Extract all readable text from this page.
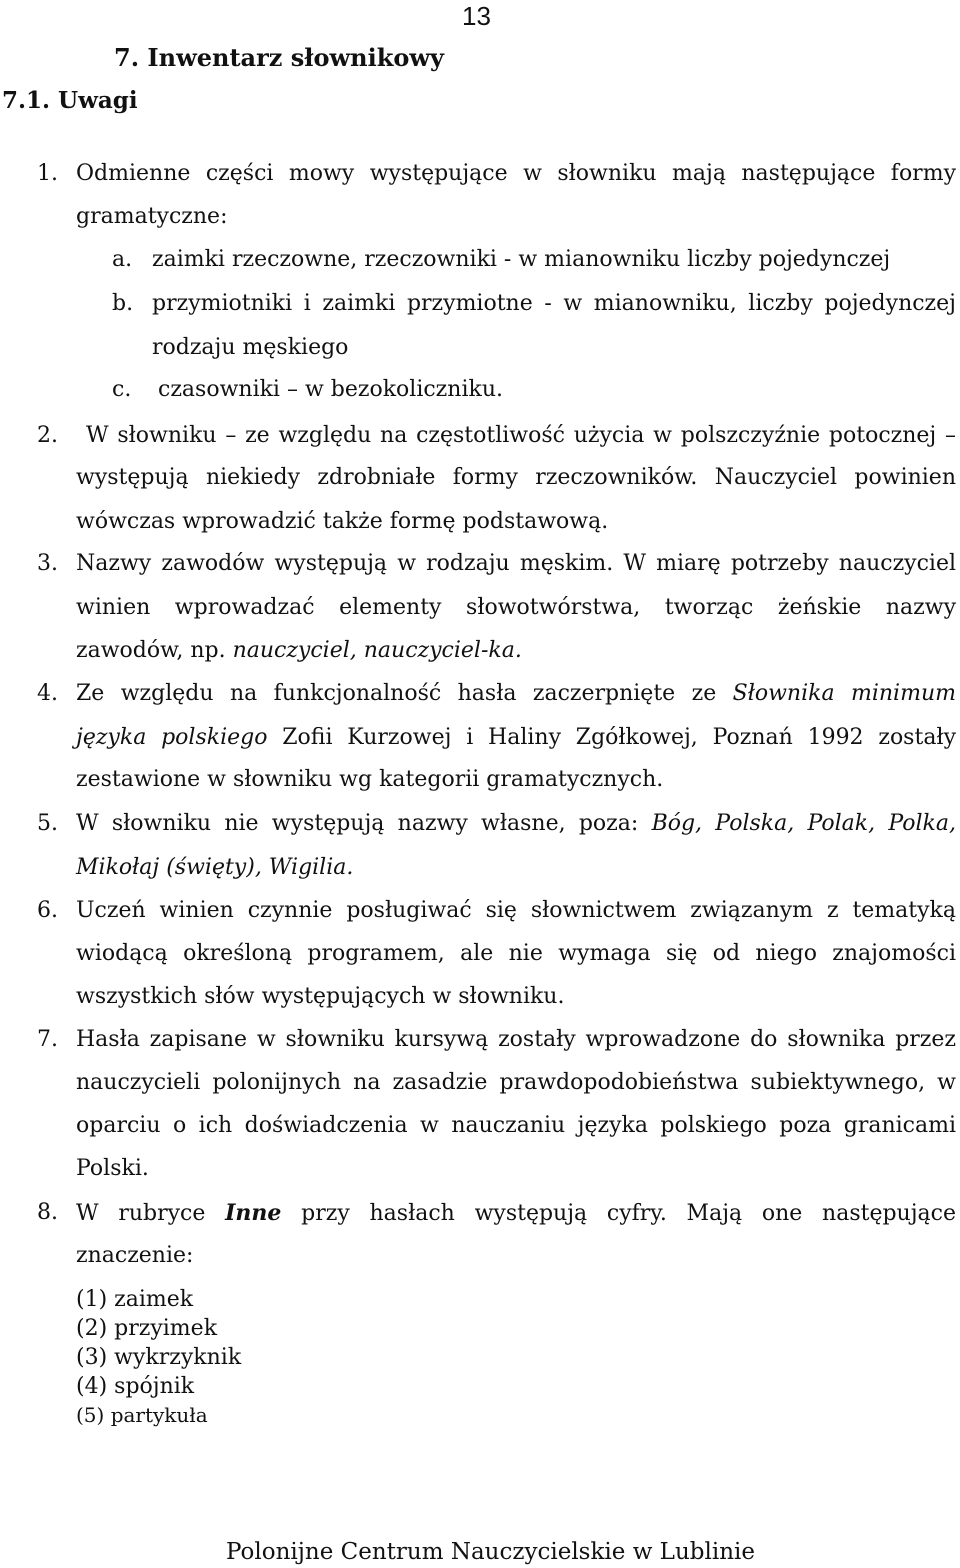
13
7. Inwentarz słownikowy
7.1. Uwagi
1. Odmienne części mowy występujące w słowniku mają następujące formy
gramatyczne:
a. zaimki rzeczowne, rzeczowniki - w mianowniku liczby pojedynczej
b. przymiotniki i zaimki przymiotne - w mianowniku, liczby pojedynczej
rodzaju męskiego
c. czasowniki – w bezokoliczniku.
2. W słowniku – ze względu na częstotliwość użycia w polszczyźnie potocznej –
występują niekiedy zdrobniałe formy rzeczowników. Nauczyciel powinien
wówczas wprowadzić także formę podstawową.
3. Nazwy zawodów występują w rodzaju męskim. W miarę potrzeby nauczyciel
winien wprowadzać elementy słowotwórstwa, tworząc żeńskie nazwy
zawodów, np. nauczyciel, nauczyciel-ka.
4. Ze względu na funkcjonalność hasła zaczerpnięte ze Słownika minimum
języka polskiego Zofii Kurzowej i Haliny Zgółkowej, Poznań 1992 zostały
zestawione w słowniku wg kategorii gramatycznych.
5. W słowniku nie występują nazwy własne, poza: Bóg, Polska, Polak, Polka,
Mikołaj (święty), Wigilia.
6. Uczeń winien czynnie posługiwać się słownictwem związanym z tematyką
wiodącą określoną programem, ale nie wymaga się od niego znajomości
wszystkich słów występujących w słowniku.
7. Hasła zapisane w słowniku kursywą zostały wprowadzone do słownika przez
nauczycieli polonijnych na zasadzie prawdopodobieństwa subiektywnego, w
oparciu o ich doświadczenia w nauczaniu języka polskiego poza granicami
Polski.
8. W rubryce Inne przy hasłach występują cyfry. Mają one następujące
znaczenie:
(1) zaimek
(2) przyimek
(3) wykrzyknik
(4) spójnik
(5) partykuła
Polonijne Centrum Nauczycielskie w Lublinie
